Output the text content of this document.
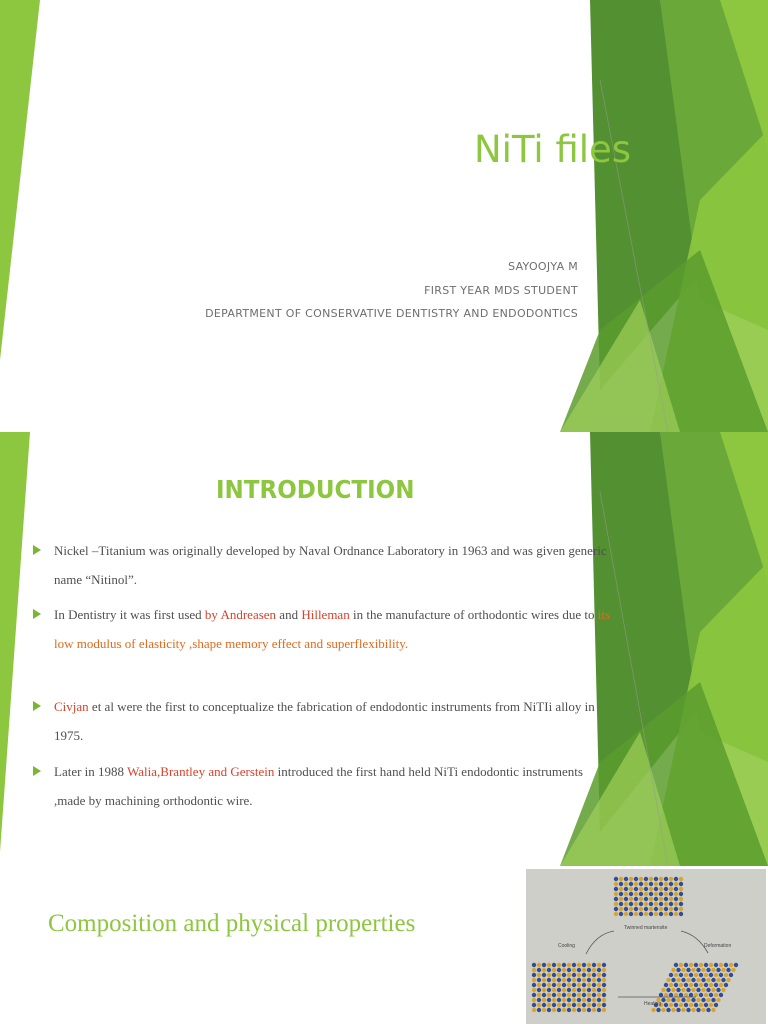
NiTi files
SAYOOJYA M
FIRST YEAR MDS STUDENT
DEPARTMENT OF CONSERVATIVE DENTISTRY AND ENDODONTICS
INTRODUCTION
Nickel –Titanium was originally developed by Naval Ordnance Laboratory in 1963 and was given generic name “Nitinol”.
In Dentistry it was first used by Andreasen and Hilleman in the manufacture of orthodontic wires due to its low modulus of elasticity ,shape memory effect and superflexibility.
Civjan et al were the first to conceptualize the fabrication of endodontic instruments from NiTIi alloy in 1975.
Later in 1988 Walia,Brantley and Gerstein introduced the first hand held NiTi endodontic instruments ,made by machining orthodontic wire.
Composition and physical properties	Twinned martensite
Cooling	Deformation
Heating
